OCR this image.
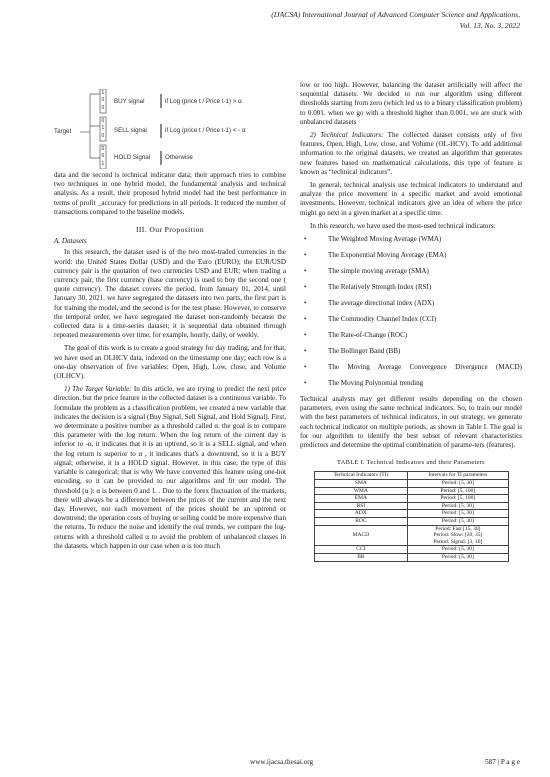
(IJACSA) International Journal of Advanced Computer Science and Applications,
Vol. 13, No. 3, 2022
1
0
0
0
1
0
0
0
1
Target
BUY signal	if Log (price t / Price t-1) > α
SELL signal	if Log (price t / Price t-1) < - α
HOLD Signal Otherwise

data and the second is technical indicator data; their approach tries to combine two techniques in one hybrid model, the fundamental analysis and technical analysis. As a result, their proposed hybrid model had the best performance in terms of profit _accuracy for predictions in all periods. It reduced the number of transactions compared to the baseline models.

III. Our Proposition
A. Datasets

In this research, the dataset used is of the two most-traded currencies in the world: the United States Dollar (USD) and the Euro (EURO); the EUR/USD currency pair is the quotation of two currencies USD and EUR; when trading a currency pair, the first currency (base currency) is used to buy the second one ( quote currency). The dataset covers the period, from January 01, 2014, until January 30, 2021. we have segregated the datasets into two parts, the first part is for training the model, and the second is for the test phase. However, to conserve the temporal order, we have segregated the dataset non-randomly because the collected data is a time-series dataset; it is sequential data obtained through repeated measurements over time, for example, hourly, daily, or weekly.

The goal of this work is to create a good strategy for day trading, and for that, we have used an OLHCV data, indexed on the timestamp one day; each row is a one-day observation of five variables: Open, High, Low, close, and Volume (OLHCV).

1) The Target Variable: In this article, we are trying to predict the next price direction, but the price feature in the collected dataset is a continuous variable. To formulate the problem as a classification problem, we created a new variable that indicates the decision is a signal (Buy Signal, Sell Signal, and Hold Signal). First, we determinate a positive number as a threshold called α. the goal is to compare this parameter with the log return. When the log return of the current day is inferior to -α, it indicates that it is an uptrend, so it is a SELL signal, and when the log return is superior to α , it indicates that's a downtrend, so it is a BUY signal; otherwise, it is a HOLD signal. However, in this case, the type of this variable is categorical; that is why We have converted this feature using one-hot encoding, so it can be provided to our algorithms and fit our model. The threshold (α ): α is between 0 and 1. . Due to the forex fluctuation of the markets, there will always be a difference between the prices of the current and the next day. However, not each movement of the prices should be an uptrend or downtrend; the operation costs of buying or selling could be more expensive than the returns. To reduce the noise and identify the real trends, we compare the log-returns with a threshold called α to avoid the problem of unbalanced classes in the datasets, which happen in our case when α is too much

low or too high. However, balancing the dataset artificially will affect the sequential datasets. We decided to run our algorithm using different thresholds starting from zero (which led us to a binary classification problem) to 0.001. when we go with a threshold higher than 0.001, we are stuck with unbalanced datasets

2) Technical Indicators: The collected dataset consists only of five features, Open, High, Low, close, and Volume (OL-HCV). To add additional information to the original datasets, we created an algorithm that generates new features based on mathematical calculations, this type of feature is known as “technical indicators”.

In general, technical analysis use technical indicators to understand and analyze the price movement in a specific market and avoid emotional investments. However, technical indicators give an idea of where the price might go next in a given market at a specific time.

In this research, we have used the most-used technical indicators:

• The Weighted Moving Average (WMA)
• The Exponential Moving Average (EMA)
• The simple moving average (SMA)
• The Relatively Strength Index (RSI)
• The average directional index (ADX)
• The Commodity Channel Index (CCI)
• The Rate-of-Change (ROC)
• The Bollinger Band (BB)
• The Moving Average Convergence Divergence (MACD)
• The Moving Polynomial trending

Technical analysts may get different results depending on the chosen parameters, even using the same technical indicators. So, to train our model with the best parameters of technical indicators, in our strategy, we generate each technical indicator on multiple periods, as shown in Table I. The goal is for our algorithm to identify the best subset of relevant characteristics predictors and determine the optimal combination of parame-ters (features).

TABLE I. Technical Indicators and their Parameters
Technical Indicators (TI)	Intervals for TI parameters
SMA	Period: [5, 30]
WMA	Period: [5, 100]
EMA	Period: [5, 100]
RSI	Period: [5, 30]
ADX	Period: [5, 30]
ROC	Period: [5, 30]
MACD	Period: Fast [15, 30]
Period: Slow: [20, 35]
Period: Signal: [3, 10]
CCI	Period: [5, 30]
BB	Period: [5, 30]
www.ijacsa.thesai.org	587 | P a g e
